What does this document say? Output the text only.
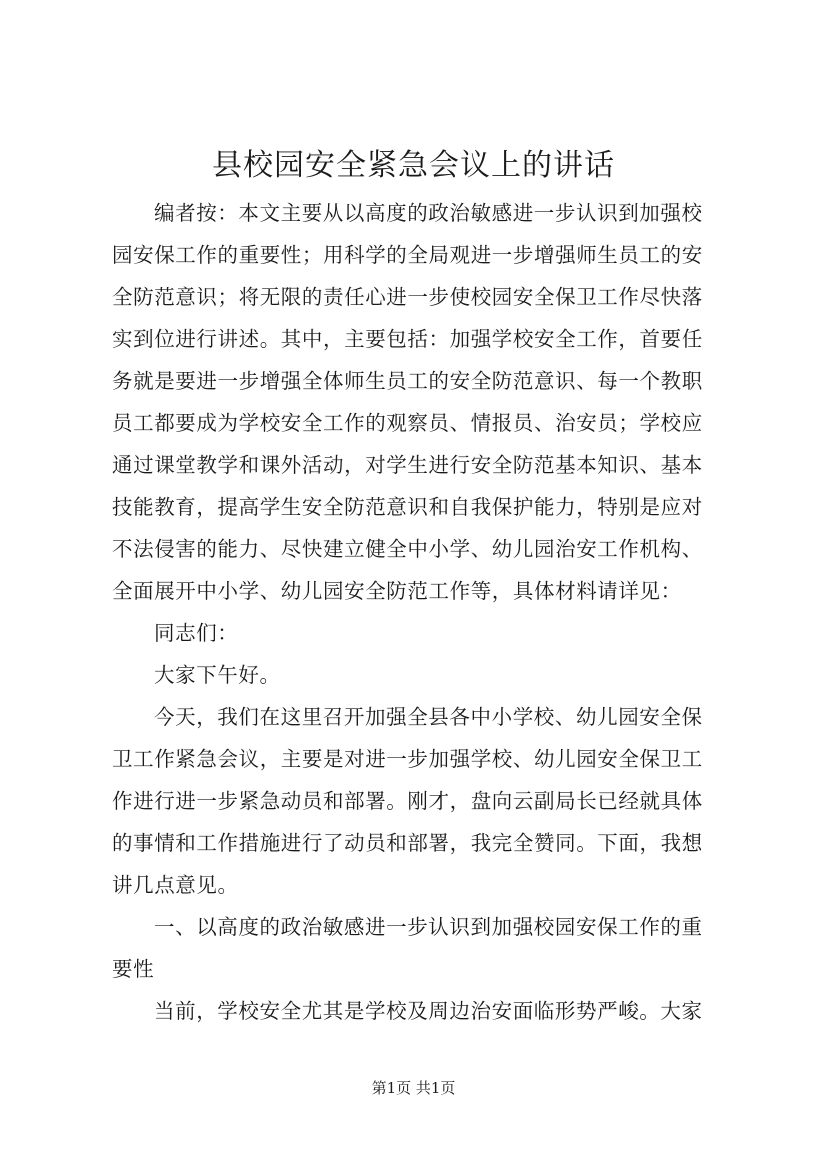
县校园安全紧急会议上的讲话
编者按：本文主要从以高度的政治敏感进一步认识到加强校
园安保工作的重要性；用科学的全局观进一步增强师生员工的安
全防范意识；将无限的责任心进一步使校园安全保卫工作尽快落
实到位进行讲述。其中，主要包括：加强学校安全工作，首要任
务就是要进一步增强全体师生员工的安全防范意识、每一个教职
员工都要成为学校安全工作的观察员、情报员、治安员；学校应
通过课堂教学和课外活动，对学生进行安全防范基本知识、基本
技能教育，提高学生安全防范意识和自我保护能力，特别是应对
不法侵害的能力、尽快建立健全中小学、幼儿园治安工作机构、
全面展开中小学、幼儿园安全防范工作等，具体材料请详见：
同志们：
大家下午好。
今天，我们在这里召开加强全县各中小学校、幼儿园安全保
卫工作紧急会议，主要是对进一步加强学校、幼儿园安全保卫工
作进行进一步紧急动员和部署。刚才，盘向云副局长已经就具体
的事情和工作措施进行了动员和部署，我完全赞同。下面，我想
讲几点意见。
一、以高度的政治敏感进一步认识到加强校园安保工作的重
要性
当前，学校安全尤其是学校及周边治安面临形势严峻。大家
第1页 共1页
